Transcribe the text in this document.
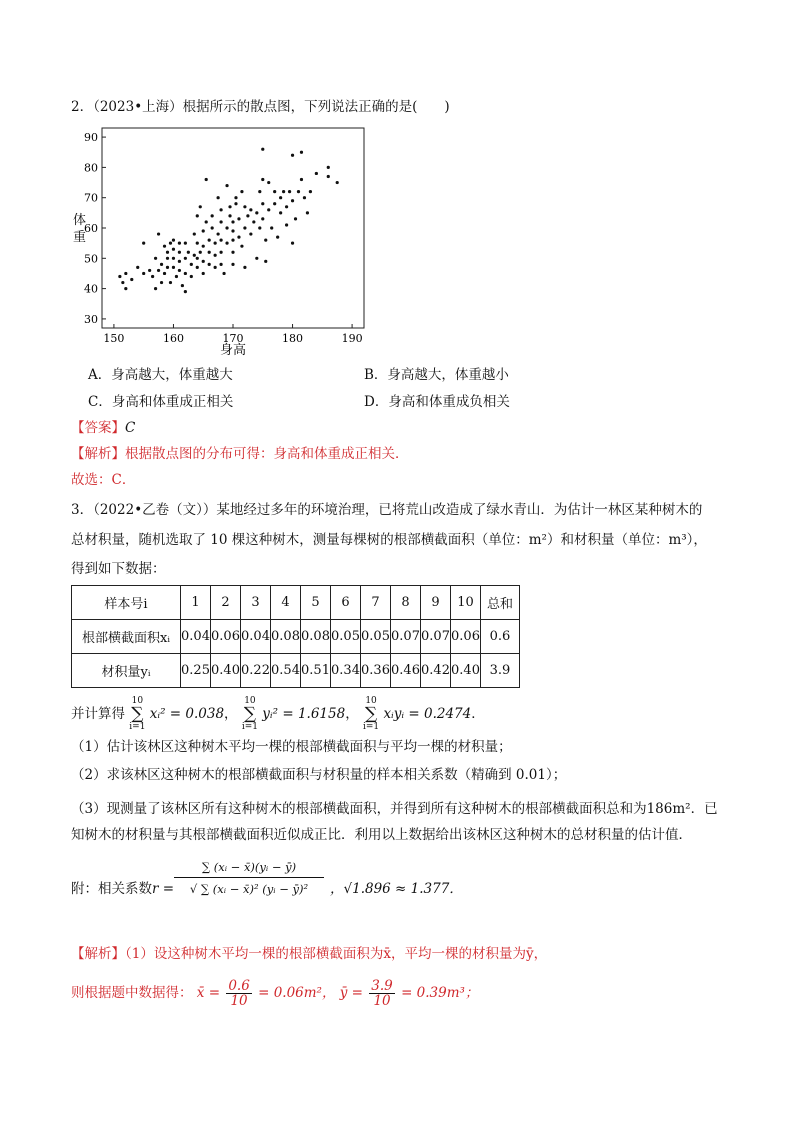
2．（2023•上海）根据所示的散点图，下列说法正确的是(　　)
150	160	170	180	190
30
40
50
60
70
80
90
身高
体重
A．身高越大，体重越大	B．身高越大，体重越小
C．身高和体重成正相关	D．身高和体重成负相关
【答案】C
【解析】根据散点图的分布可得：身高和体重成正相关．
故选：C．
3．（2022•乙卷（文））某地经过多年的环境治理，已将荒山改造成了绿水青山．为估计一林区某种树木的
总材积量，随机选取了 10 棵这种树木，测量每棵树的根部横截面积（单位：m²）和材积量（单位：m³），
得到如下数据：
样本号i	1	2	3	4	5	6	7	8	9	10	总和
根部横截面积xᵢ	0.04	0.06	0.04	0.08	0.08	0.05	0.05	0.07	0.07	0.06	0.6
材积量yᵢ	0.25	0.40	0.22	0.54	0.51	0.34	0.36	0.46	0.42	0.40	3.9
并计算得 10
∑
i=1 xᵢ² = 0.038， 10
∑
i=1 yᵢ² = 1.6158， 10
∑
i=1 xᵢyᵢ = 0.2474．
（1）估计该林区这种树木平均一棵的根部横截面积与平均一棵的材积量；
（2）求该林区这种树木的根部横截面积与材积量的样本相关系数（精确到 0.01）；
（3）现测量了该林区所有这种树木的根部横截面积，并得到所有这种树木的根部横截面积总和为186m²．已
知树木的材积量与其根部横截面积近似成正比．利用以上数据给出该林区这种树木的总材积量的估计值．
附：相关系数r =
∑ (xᵢ − x̄)(yᵢ − ȳ)
√ ∑ (xᵢ − x̄)² (yᵢ − ȳ)²	，√1.896 ≈ 1.377．
【解析】（1）设这种树木平均一棵的根部横截面积为x̄，平均一棵的材积量为ȳ，
则根据题中数据得： x̄ = $\frac{0.6}{10} = 0.06m^2$， ȳ = $\frac{3.9}{10} = 0.39m^3$；
